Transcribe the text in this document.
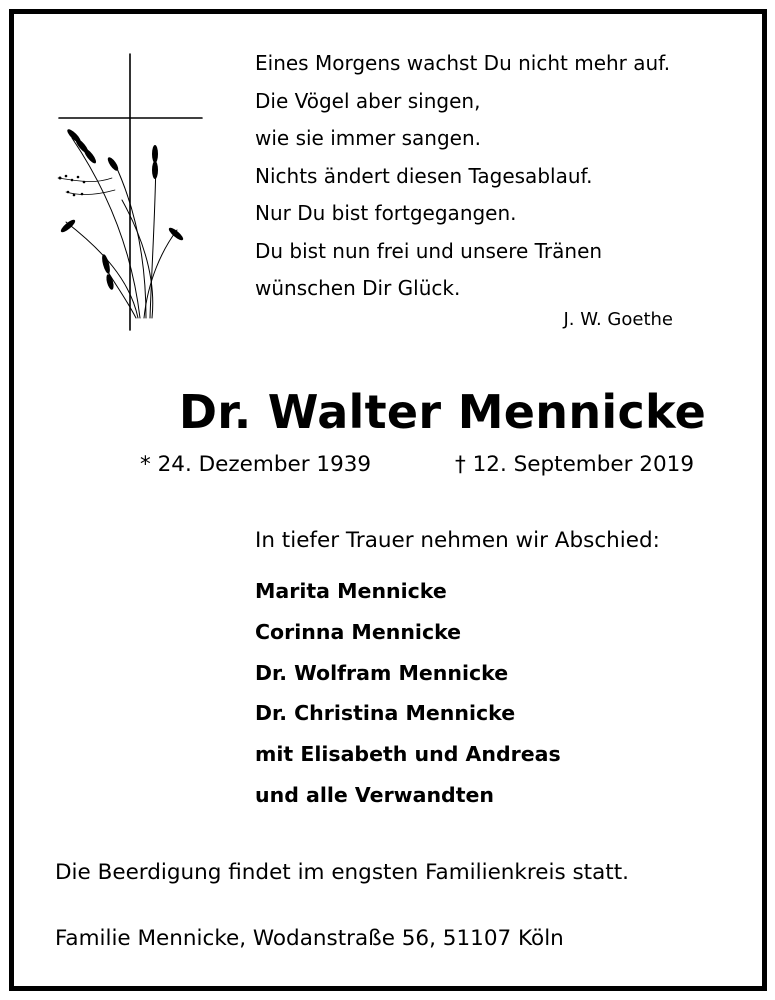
Eines Morgens wachst Du nicht mehr auf.
Die Vögel aber singen,
wie sie immer sangen.
Nichts ändert diesen Tagesablauf.
Nur Du bist fortgegangen.
Du bist nun frei und unsere Tränen
wünschen Dir Glück.
J. W. Goethe
Dr. Walter Mennicke
* 24. Dezember 1939	† 12. September 2019
In tiefer Trauer nehmen wir Abschied:
Marita Mennicke
Corinna Mennicke
Dr. Wolfram Mennicke
Dr. Christina Mennicke
mit Elisabeth und Andreas
und alle Verwandten
Die Beerdigung findet im engsten Familienkreis statt.
Familie Mennicke, Wodanstraße 56, 51107 Köln
